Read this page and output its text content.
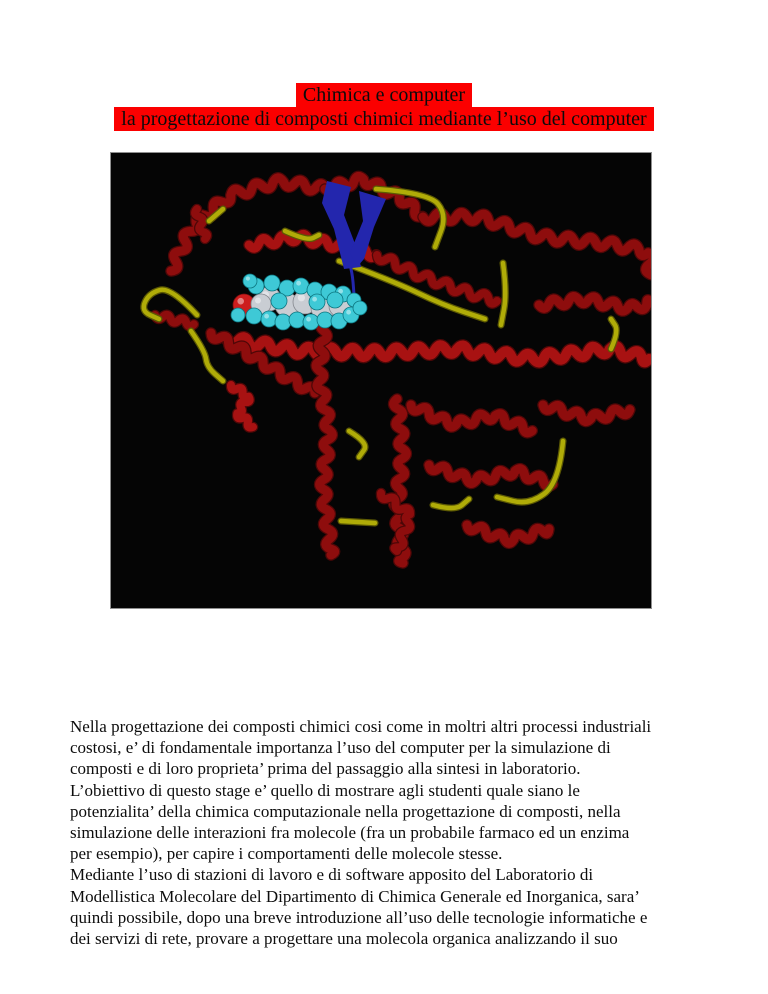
Chimica e computer
la progettazione di composti chimici mediante l’uso del computer
Nella progettazione dei composti chimici cosi come in moltri altri processi industriali
costosi, e’ di fondamentale importanza l’uso del computer per la simulazione di
composti e di loro proprieta’ prima del passaggio alla sintesi in laboratorio.
L’obiettivo di questo stage e’ quello di mostrare agli studenti quale siano le
potenzialita’ della chimica computazionale nella progettazione di composti, nella
simulazione delle interazioni fra molecole (fra un probabile farmaco ed un enzima
per esempio), per capire i comportamenti delle molecole stesse.
Mediante l’uso di stazioni di lavoro e di software apposito del Laboratorio di
Modellistica Molecolare del Dipartimento di Chimica Generale ed Inorganica, sara’
quindi possibile, dopo una breve introduzione all’uso delle tecnologie informatiche e
dei servizi di rete, provare a progettare una molecola organica analizzando il suo
